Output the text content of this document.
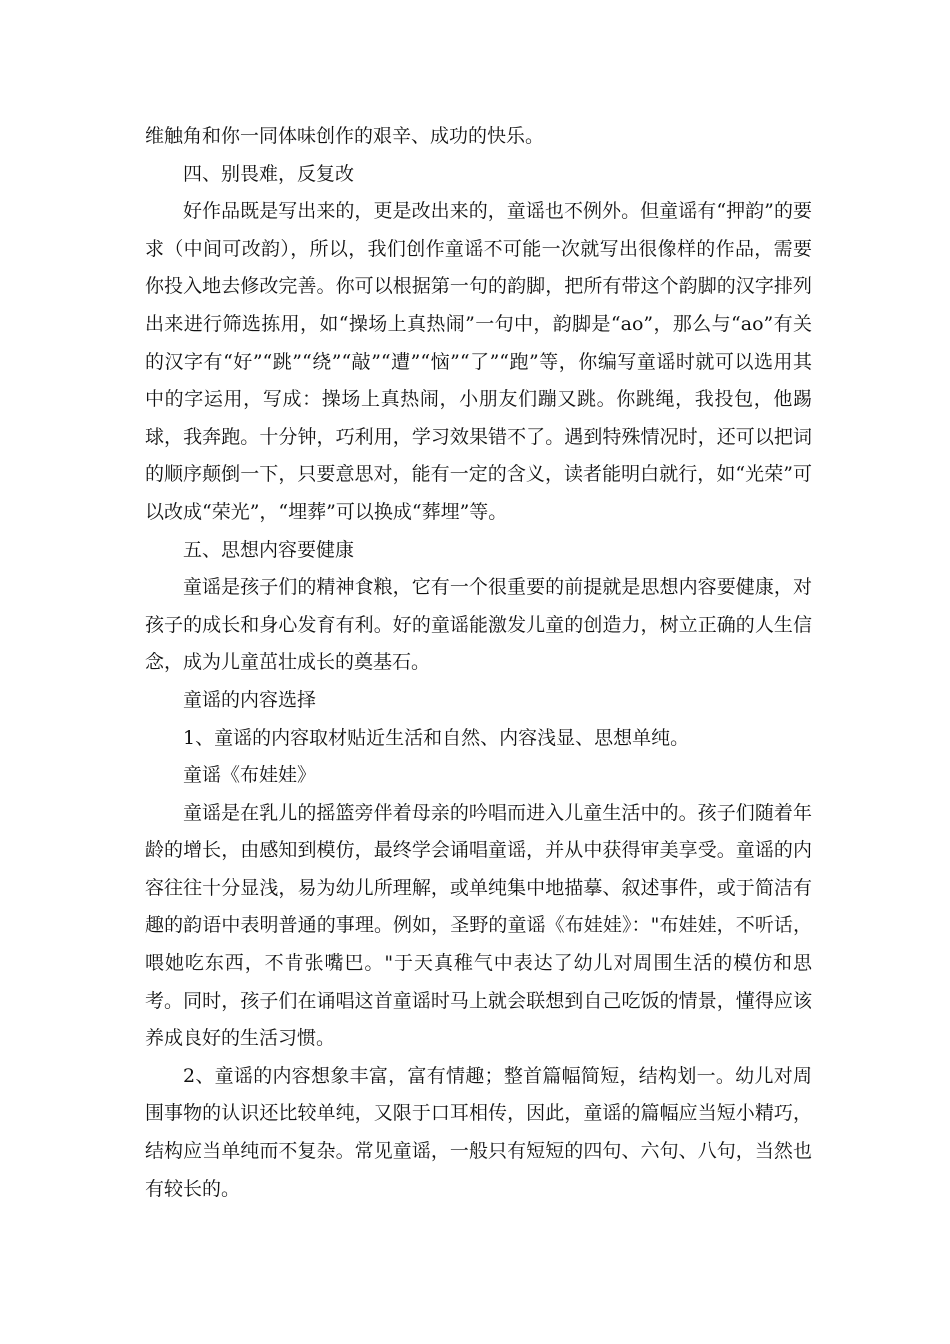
维触角和你一同体味创作的艰辛、成功的快乐。

四、别畏难，反复改

好作品既是写出来的，更是改出来的，童谣也不例外。但童谣有“押韵”的要求（中间可改韵），所以，我们创作童谣不可能一次就写出很像样的作品，需要你投入地去修改完善。你可以根据第一句的韵脚，把所有带这个韵脚的汉字排列出来进行筛选拣用，如“操场上真热闹”一句中，韵脚是“ao”，那么与“ao”有关的汉字有“好”“跳”“绕”“敲”“遭”“恼”“了”“跑”等，你编写童谣时就可以选用其中的字运用，写成：操场上真热闹，小朋友们蹦又跳。你跳绳，我投包，他踢球，我奔跑。十分钟，巧利用，学习效果错不了。遇到特殊情况时，还可以把词的顺序颠倒一下，只要意思对，能有一定的含义，读者能明白就行，如“光荣”可以改成“荣光”，“埋葬”可以换成“葬埋”等。

五、思想内容要健康

童谣是孩子们的精神食粮，它有一个很重要的前提就是思想内容要健康，对孩子的成长和身心发育有利。好的童谣能激发儿童的创造力，树立正确的人生信念，成为儿童茁壮成长的奠基石。

童谣的内容选择

1、童谣的内容取材贴近生活和自然、内容浅显、思想单纯。

童谣《布娃娃》

童谣是在乳儿的摇篮旁伴着母亲的吟唱而进入儿童生活中的。孩子们随着年龄的增长，由感知到模仿，最终学会诵唱童谣，并从中获得审美享受。童谣的内容往往十分显浅，易为幼儿所理解，或单纯集中地描摹、叙述事件，或于简洁有趣的韵语中表明普通的事理。例如，圣野的童谣《布娃娃》："布娃娃，不听话，喂她吃东西，不肯张嘴巴。"于天真稚气中表达了幼儿对周围生活的模仿和思考。同时，孩子们在诵唱这首童谣时马上就会联想到自己吃饭的情景，懂得应该养成良好的生活习惯。

2、童谣的内容想象丰富，富有情趣；整首篇幅简短，结构划一。幼儿对周围事物的认识还比较单纯，又限于口耳相传，因此，童谣的篇幅应当短小精巧，结构应当单纯而不复杂。常见童谣，一般只有短短的四句、六句、八句，当然也有较长的。
